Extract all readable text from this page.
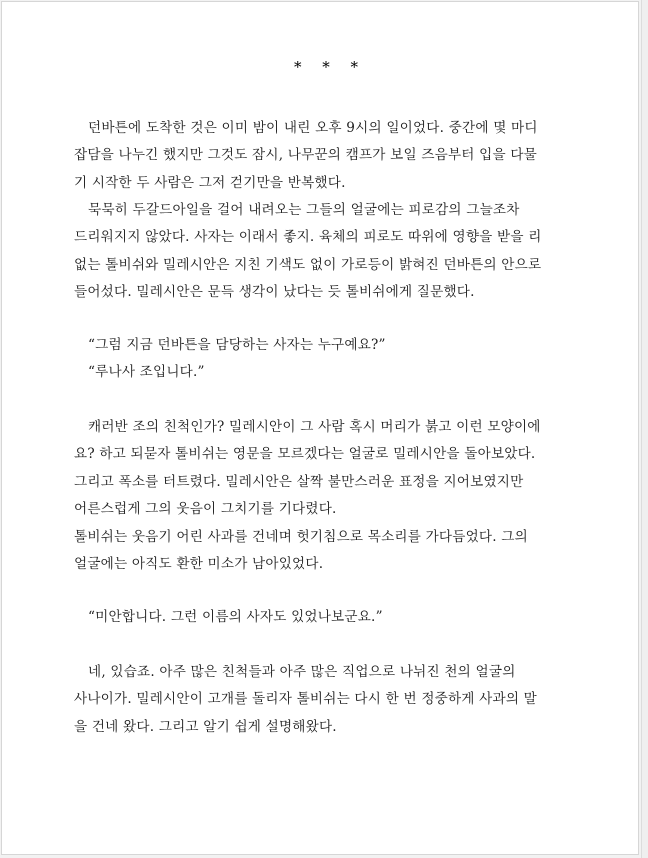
* * *
던바튼에 도착한 것은 이미 밤이 내린 오후 9시의 일이었다. 중간에 몇 마디
잡담을 나누긴 했지만 그것도 잠시, 나무꾼의 캠프가 보일 즈음부터 입을 다물
기 시작한 두 사람은 그저 걷기만을 반복했다.
묵묵히 두갈드아일을 걸어 내려오는 그들의 얼굴에는 피로감의 그늘조차
드리워지지 않았다. 사자는 이래서 좋지. 육체의 피로도 따위에 영향을 받을 리
없는 톨비쉬와 밀레시안은 지친 기색도 없이 가로등이 밝혀진 던바튼의 안으로
들어섰다. 밀레시안은 문득 생각이 났다는 듯 톨비쉬에게 질문했다.
“그럼 지금 던바튼을 담당하는 사자는 누구예요?”
“루나사 조입니다.”
캐러반 조의 친척인가? 밀레시안이 그 사람 혹시 머리가 붉고 이런 모양이에
요? 하고 되묻자 톨비쉬는 영문을 모르겠다는 얼굴로 밀레시안을 돌아보았다.
그리고 폭소를 터트렸다. 밀레시안은 살짝 불만스러운 표정을 지어보였지만
어른스럽게 그의 웃음이 그치기를 기다렸다.
톨비쉬는 웃음기 어린 사과를 건네며 헛기침으로 목소리를 가다듬었다. 그의
얼굴에는 아직도 환한 미소가 남아있었다.
“미안합니다. 그런 이름의 사자도 있었나보군요.”
네, 있습죠. 아주 많은 친척들과 아주 많은 직업으로 나뉘진 천의 얼굴의
사나이가. 밀레시안이 고개를 돌리자 톨비쉬는 다시 한 번 정중하게 사과의 말
을 건네 왔다. 그리고 알기 쉽게 설명해왔다.
